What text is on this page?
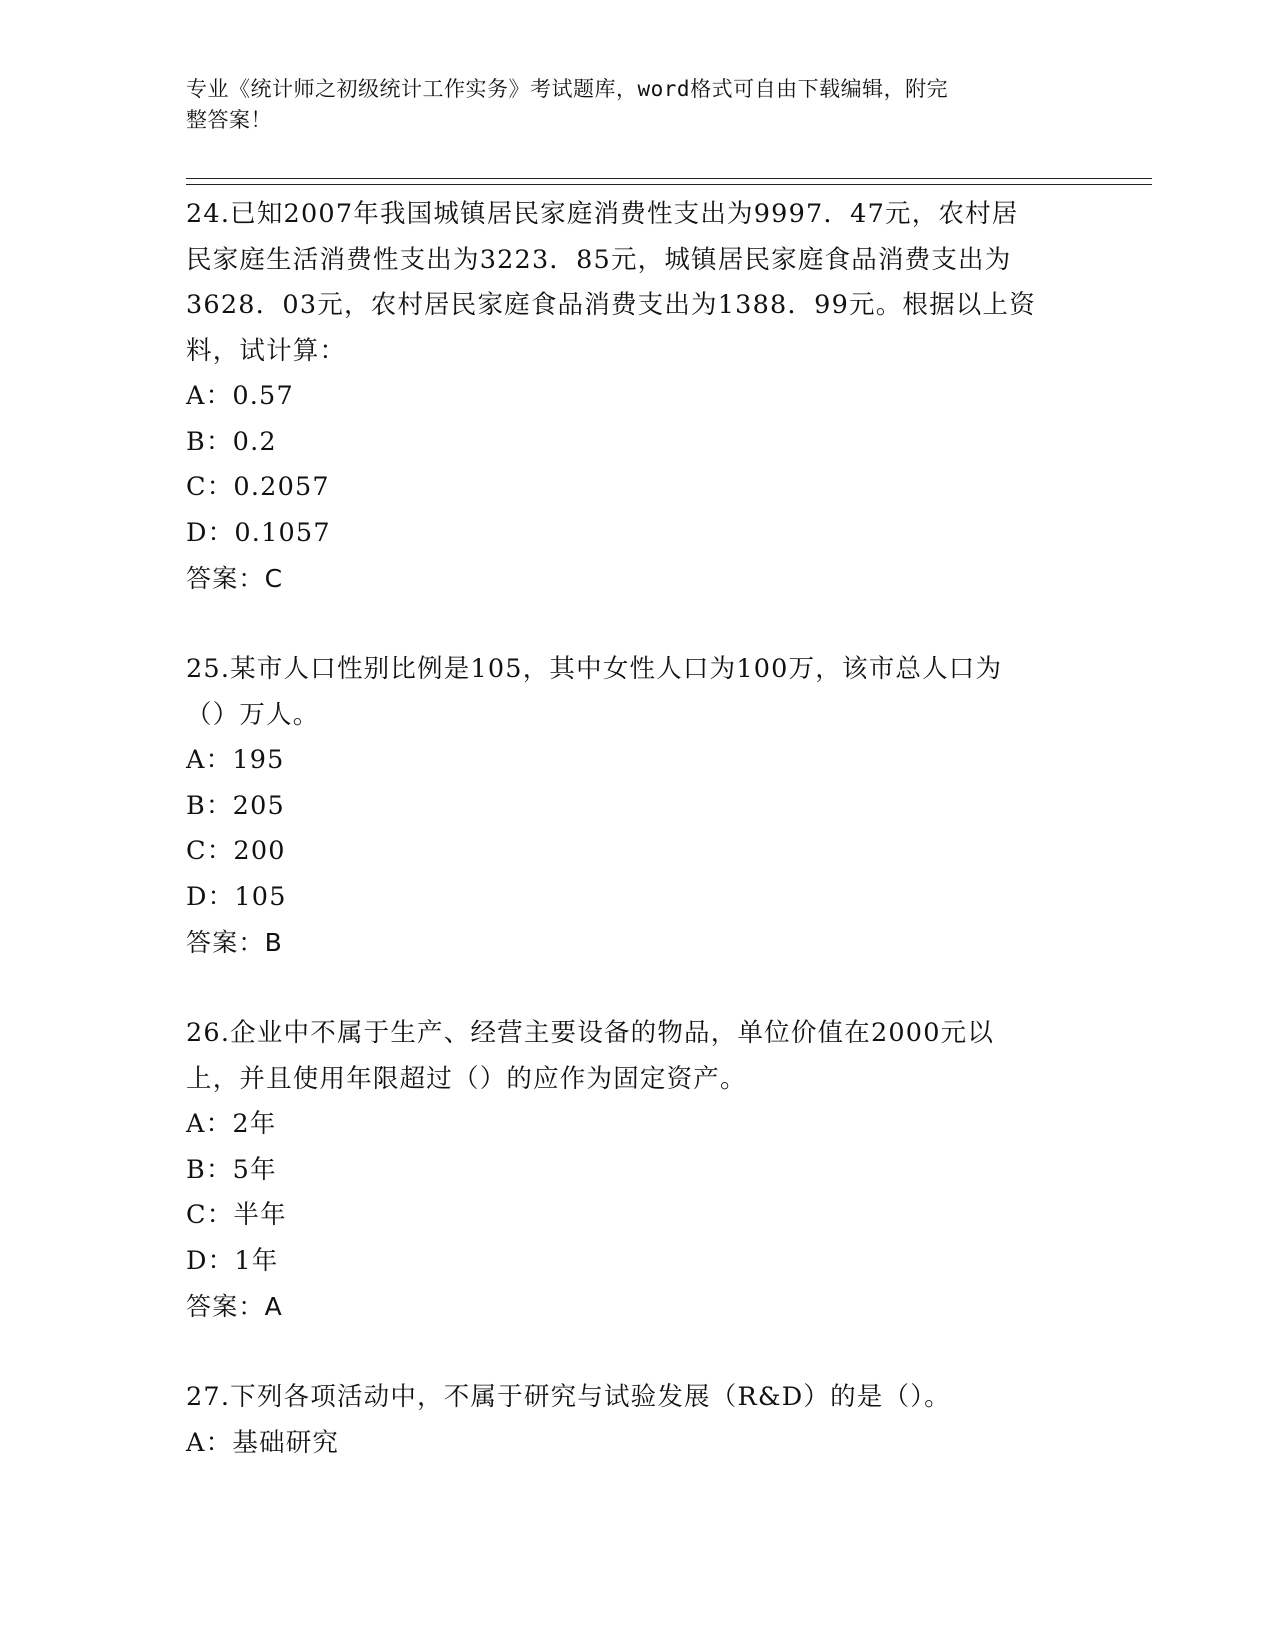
专业《统计师之初级统计工作实务》考试题库，word格式可自由下载编辑，附完
整答案！

24.已知2007年我国城镇居民家庭消费性支出为9997．47元，农村居

民家庭生活消费性支出为3223．85元，城镇居民家庭食品消费支出为

3628．03元，农村居民家庭食品消费支出为1388．99元。根据以上资

料，试计算：

A：0.57

B：0.2

C：0.2057

D：0.1057

答案：C

25.某市人口性别比例是105，其中女性人口为100万，该市总人口为

（）万人。

A：195

B：205

C：200

D：105

答案：B

26.企业中不属于生产、经营主要设备的物品，单位价值在2000元以

上，并且使用年限超过（）的应作为固定资产。

A：2年

B：5年

C：半年

D：1年

答案：A

27.下列各项活动中，不属于研究与试验发展（R&D）的是（）。

A：基础研究
